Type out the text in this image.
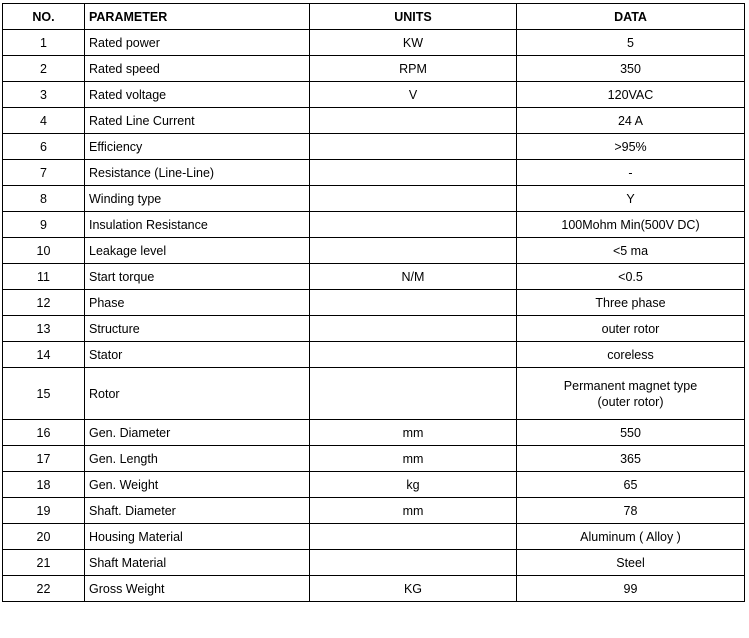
NO.	PARAMETER	UNITS	DATA
1	Rated power	KW	5
2	Rated speed	RPM	350
3	Rated voltage	V	120VAC
4	Rated Line Current		24 A
6	Efficiency		>95%
7	Resistance (Line-Line)		-
8	Winding type		Y
9	Insulation Resistance		100Mohm Min(500V DC)
10	Leakage level		<5 ma
11	Start torque	N/M	<0.5
12	Phase		Three phase
13	Structure		outer rotor
14	Stator		coreless
15	Rotor		Permanent magnet type
(outer rotor)
16	Gen. Diameter	mm	550
17	Gen. Length	mm	365
18	Gen. Weight	kg	65
19	Shaft. Diameter	mm	78
20	Housing Material		Aluminum ( Alloy )
21	Shaft Material		Steel
22	Gross Weight	KG	99
